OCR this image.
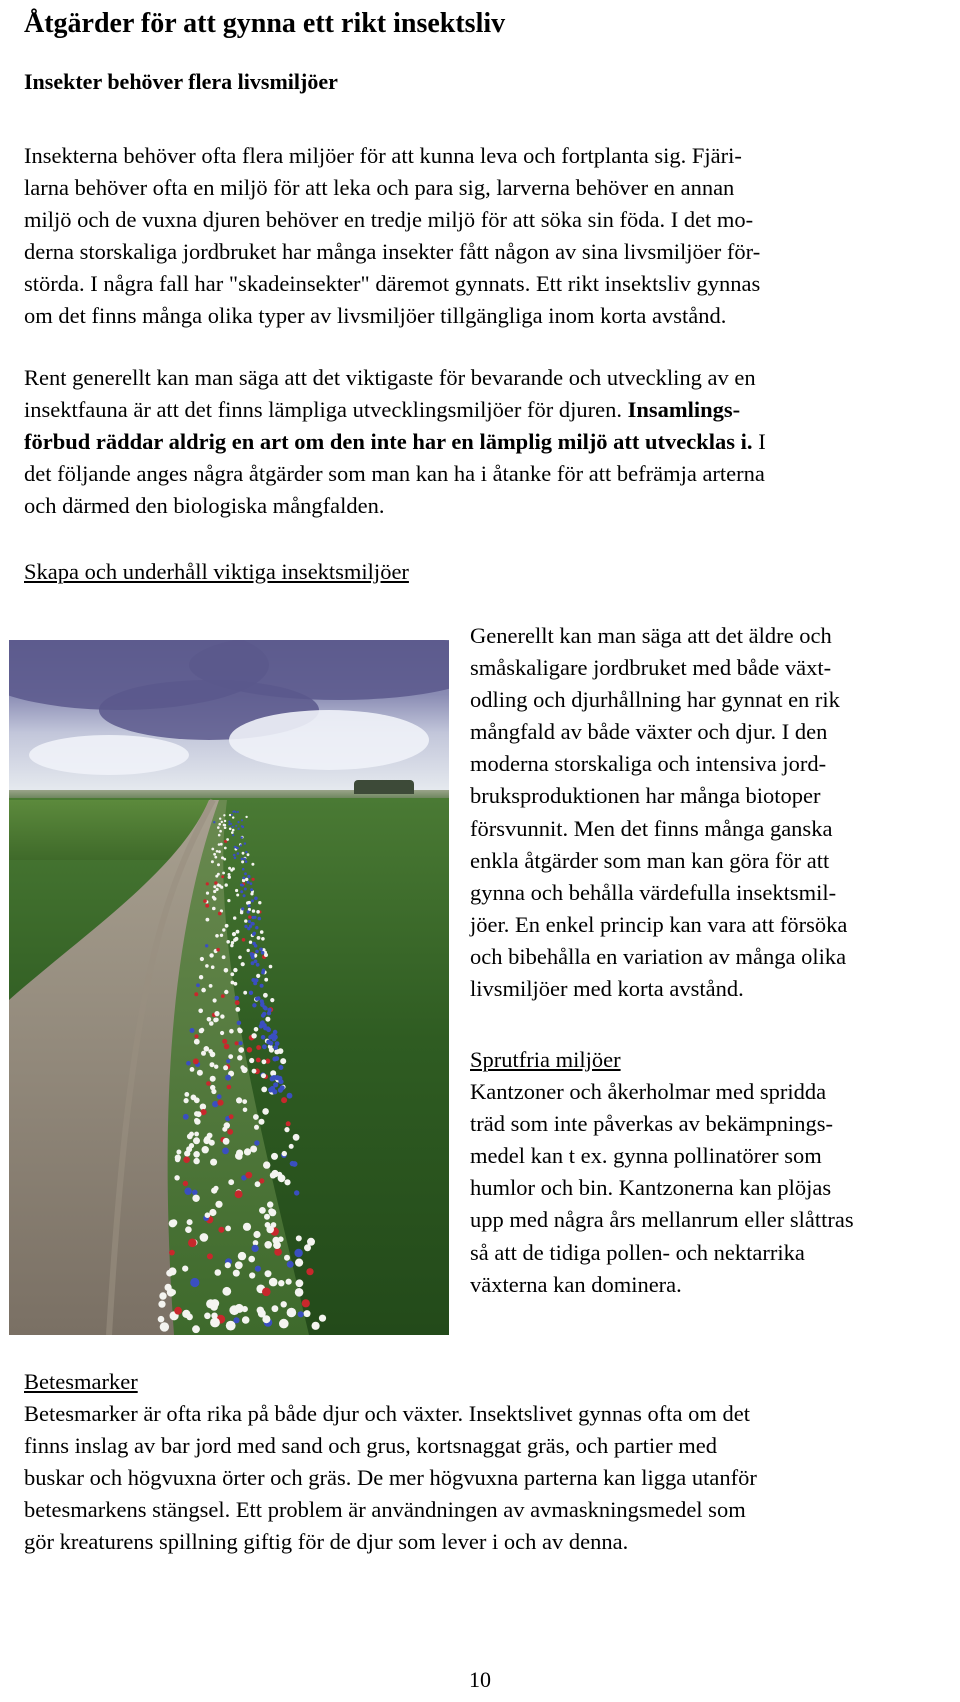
Åtgärder för att gynna ett rikt insektsliv
Insekter behöver flera livsmiljöer
Insekterna behöver ofta flera miljöer för att kunna leva och fortplanta sig. Fjäri-
larna behöver ofta en miljö för att leka och para sig, larverna behöver en annan
miljö och de vuxna djuren behöver en tredje miljö för att söka sin föda. I det mo-
derna storskaliga jordbruket har många insekter fått någon av sina livsmiljöer för-
störda. I några fall har "skadeinsekter" däremot gynnats. Ett rikt insektsliv gynnas
om det finns många olika typer av livsmiljöer tillgängliga inom korta avstånd.
Rent generellt kan man säga att det viktigaste för bevarande och utveckling av en
insektfauna är att det finns lämpliga utvecklingsmiljöer för djuren. Insamlings-
förbud räddar aldrig en art om den inte har en lämplig miljö att utvecklas i. I
det följande anges några åtgärder som man kan ha i åtanke för att befrämja arterna
och därmed den biologiska mångfalden.

Skapa och underhåll viktiga insektsmiljöer

Generellt kan man säga att det äldre och
småskaligare jordbruket med både växt-
odling och djurhållning har gynnat en rik
mångfald av både växter och djur. I den
moderna storskaliga och intensiva jord-
bruksproduktionen har många biotoper
försvunnit. Men det finns många ganska
enkla åtgärder som man kan göra för att
gynna och behålla värdefulla insektsmil-
jöer. En enkel princip kan vara att försöka
och bibehålla en variation av många olika
livsmiljöer med korta avstånd.
Sprutfria miljöer
Kantzoner och åkerholmar med spridda
träd som inte påverkas av bekämpnings-
medel kan t ex. gynna pollinatörer som
humlor och bin. Kantzonerna kan plöjas
upp med några års mellanrum eller slåttras
så att de tidiga pollen- och nektarrika
växterna kan dominera.
Betesmarker
Betesmarker är ofta rika på både djur och växter. Insektslivet gynnas ofta om det
finns inslag av bar jord med sand och grus, kortsnaggat gräs, och partier med
buskar och högvuxna örter och gräs. De mer högvuxna parterna kan ligga utanför
betesmarkens stängsel. Ett problem är användningen av avmaskningsmedel som
gör kreaturens spillning giftig för de djur som lever i och av denna.

10
